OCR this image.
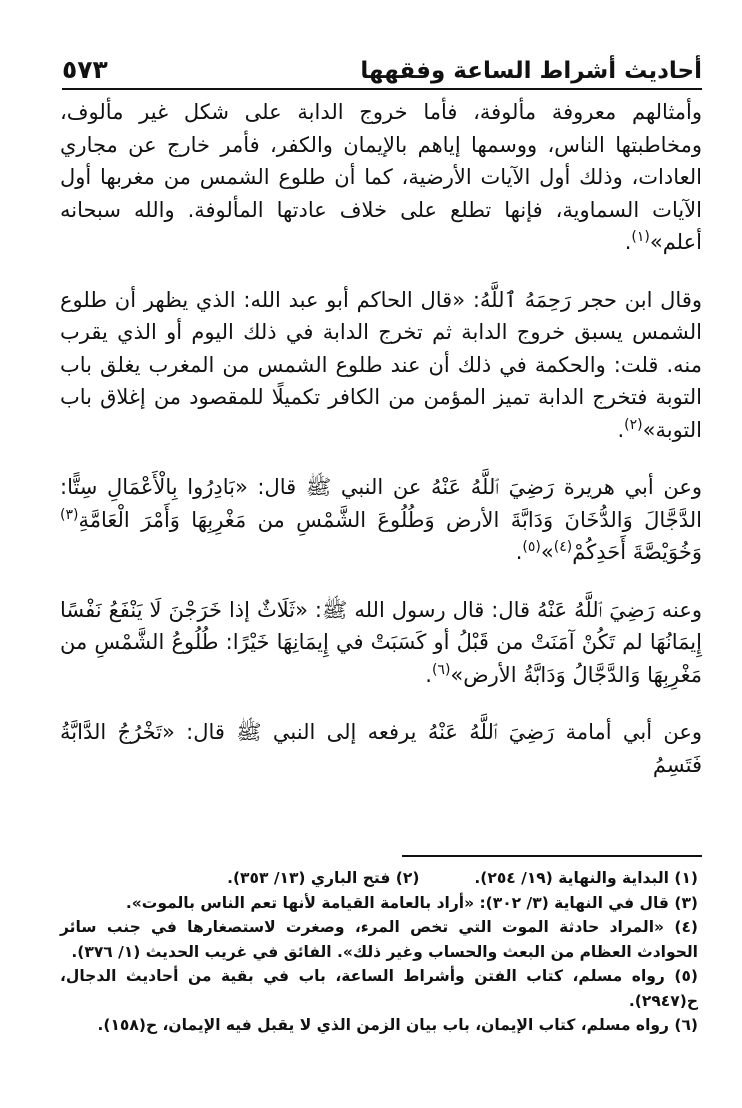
أحاديث أشراط الساعة وفقهها
٥٧٣

وأمثالهم معروفة مألوفة، فأما خروج الدابة على شكل غير مألوف، ومخاطبتها الناس، ووسمها إياهم بالإيمان والكفر، فأمر خارج عن مجاري العادات، وذلك أول الآيات الأرضية، كما أن طلوع الشمس من مغربها أول الآيات السماوية، فإنها تطلع على خلاف عادتها المألوفة. والله سبحانه أعلم»$^{(١)}$.

وقال ابن حجر رَحِمَهُ ٱللَّهُ: «قال الحاكم أبو عبد الله: الذي يظهر أن طلوع الشمس يسبق خروج الدابة ثم تخرج الدابة في ذلك اليوم أو الذي يقرب منه. قلت: والحكمة في ذلك أن عند طلوع الشمس من المغرب يغلق باب التوبة فتخرج الدابة تميز المؤمن من الكافر تكميلًا للمقصود من إغلاق باب التوبة»$^{(٢)}$.

وعن أبي هريرة رَضِيَ ٱللَّهُ عَنْهُ عن النبي ﷺ قال: «بَادِرُوا بِالْأَعْمَالِ سِتًّا: الدَّجَّالَ وَالدُّخَانَ وَدَابَّةَ الأرض وَطُلُوعَ الشَّمْسِ من مَغْرِبِهَا وَأَمْرَ الْعَامَّةِ$^{(٣)}$ وَخُوَيْصَّةَ أَحَدِكُمْ$^{(٤)}$»$^{(٥)}$.

وعنه رَضِيَ ٱللَّهُ عَنْهُ قال: قال رسول الله ﷺ: «ثَلَاثٌ إذا خَرَجْنَ لَا يَنْفَعُ نَفْسًا إِيمَانُهَا لم تَكُنْ آمَنَتْ من قَبْلُ أو كَسَبَتْ في إِيمَانِهَا خَيْرًا: طُلُوعُ الشَّمْسِ من مَغْرِبِهَا وَالدَّجَّالُ وَدَابَّةُ الأرض»$^{(٦)}$.

وعن أبي أمامة رَضِيَ ٱللَّهُ عَنْهُ يرفعه إلى النبي ﷺ قال: «تَخْرُجُ الدَّابَّةُ فَتَسِمُ

(١) البداية والنهاية (١٩/ ٢٥٤).

(٢) فتح الباري (١٣/ ٣٥٣).

(٣) قال في النهاية (٣/ ٣٠٢): «أراد بالعامة القيامة لأنها تعم الناس بالموت».

(٤) «المراد حادثة الموت التي تخص المرء، وصغرت لاستصغارها في جنب سائر الحوادث العظام من البعث والحساب وغير ذلك». الفائق في غريب الحديث (١/ ٣٧٦).

(٥) رواه مسلم، كتاب الفتن وأشراط الساعة، باب في بقية من أحاديث الدجال، ح(٢٩٤٧).

(٦) رواه مسلم، كتاب الإيمان، باب بيان الزمن الذي لا يقبل فيه الإيمان، ح(١٥٨).
